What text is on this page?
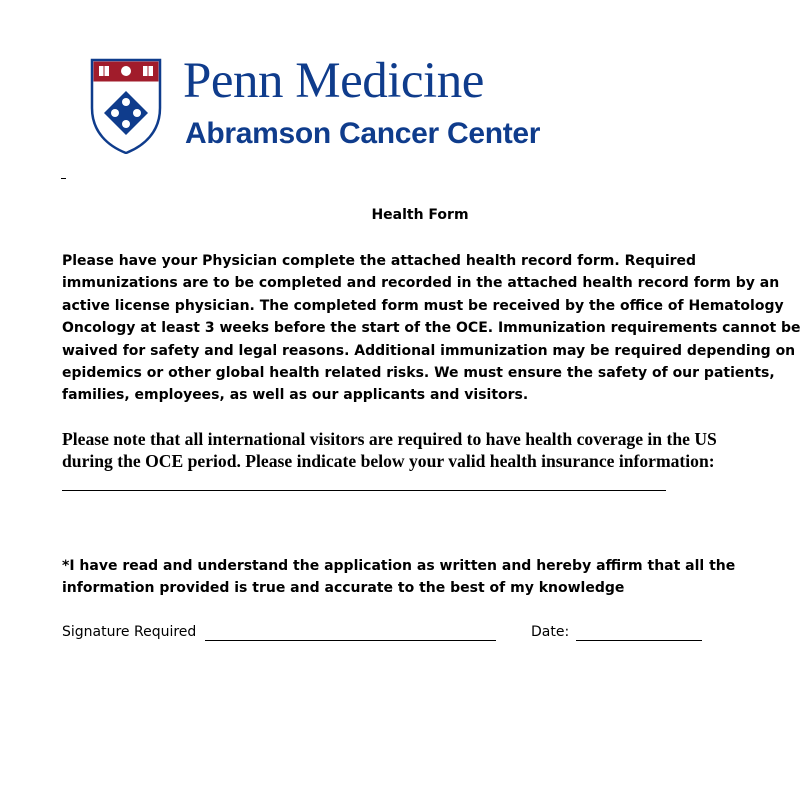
Penn Medicine
Abramson Cancer Center
Health Form
Please have your Physician complete the attached health record form. Required
immunizations are to be completed and recorded in the attached health record form by an
active license physician. The completed form must be received by the office of Hematology
Oncology at least 3 weeks before the start of the OCE. Immunization requirements cannot be
waived for safety and legal reasons. Additional immunization may be required depending on
epidemics or other global health related risks. We must ensure the safety of our patients,
families, employees, as well as our applicants and visitors.
Please note that all international visitors are required to have health coverage in the US
during the OCE period. Please indicate below your valid health insurance information:
*I have read and understand the application as written and hereby affirm that all the
information provided is true and accurate to the best of my knowledge
Signature Required	Date:
